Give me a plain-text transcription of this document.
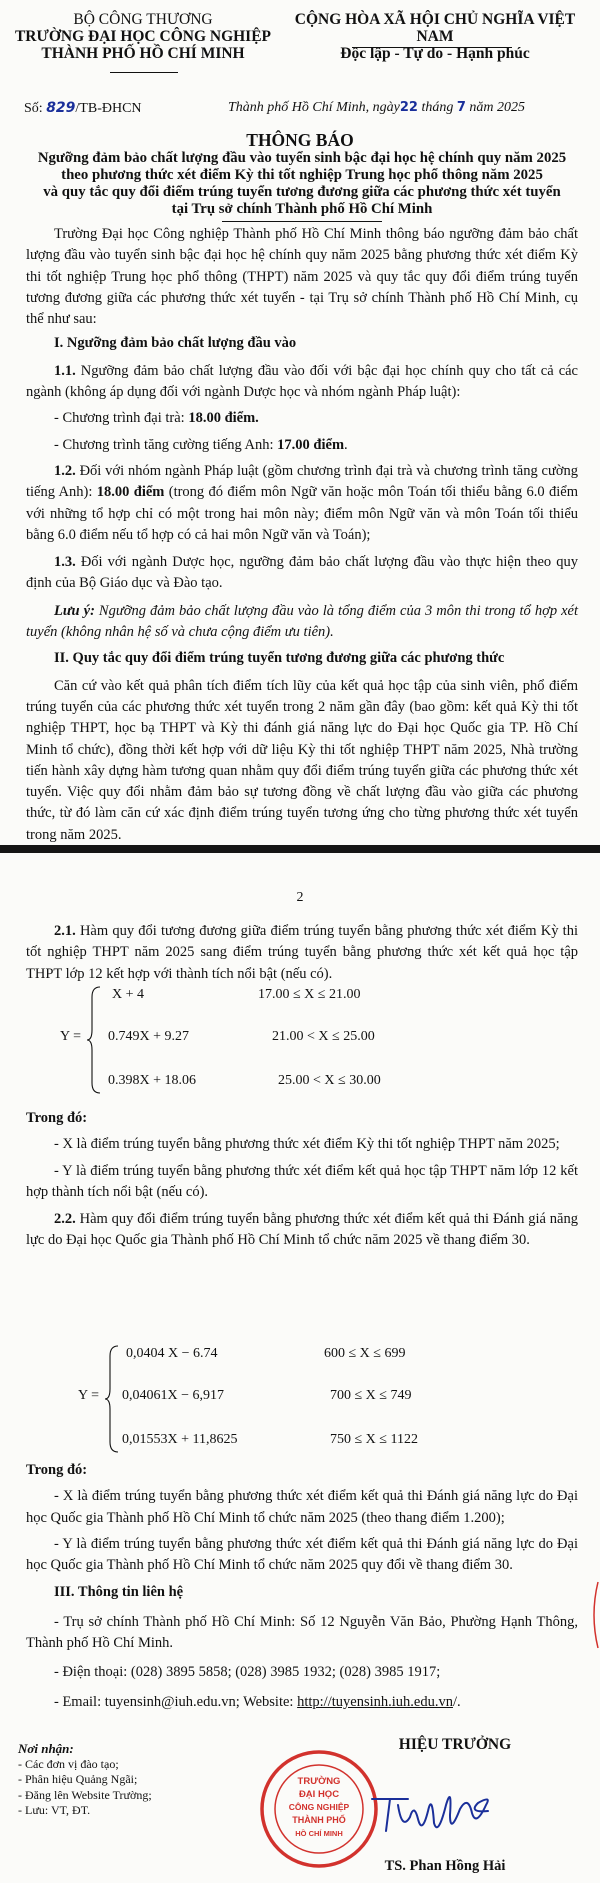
BỘ CÔNG THƯƠNG
TRƯỜNG ĐẠI HỌC CÔNG NGHIỆP
THÀNH PHỐ HỒ CHÍ MINH
CỘNG HÒA XÃ HỘI CHỦ NGHĨA VIỆT NAM
Độc lập - Tự do - Hạnh phúc
Số: 829/TB-ĐHCN	Thành phố Hồ Chí Minh, ngày22 tháng 7 năm 2025
THÔNG BÁO
Ngưỡng đảm bảo chất lượng đầu vào tuyển sinh bậc đại học hệ chính quy năm 2025
theo phương thức xét điểm Kỳ thi tốt nghiệp Trung học phổ thông năm 2025
và quy tắc quy đổi điểm trúng tuyển tương đương giữa các phương thức xét tuyển
tại Trụ sở chính Thành phố Hồ Chí Minh

Trường Đại học Công nghiệp Thành phố Hồ Chí Minh thông báo ngưỡng đảm bảo chất lượng đầu vào tuyển sinh bậc đại học hệ chính quy năm 2025 bằng phương thức xét điểm Kỳ thi tốt nghiệp Trung học phổ thông (THPT) năm 2025 và quy tắc quy đổi điểm trúng tuyển tương đương giữa các phương thức xét tuyển - tại Trụ sở chính Thành phố Hồ Chí Minh, cụ thể như sau:

I. Ngưỡng đảm bảo chất lượng đầu vào

1.1. Ngưỡng đảm bảo chất lượng đầu vào đối với bậc đại học chính quy cho tất cả các ngành (không áp dụng đối với ngành Dược học và nhóm ngành Pháp luật):

- Chương trình đại trà: 18.00 điểm.

- Chương trình tăng cường tiếng Anh: 17.00 điểm.

1.2. Đối với nhóm ngành Pháp luật (gồm chương trình đại trà và chương trình tăng cường tiếng Anh): 18.00 điểm (trong đó điểm môn Ngữ văn hoặc môn Toán tối thiểu bằng 6.0 điểm với những tổ hợp chỉ có một trong hai môn này; điểm môn Ngữ văn và môn Toán tối thiểu bằng 6.0 điểm nếu tổ hợp có cả hai môn Ngữ văn và Toán);

1.3. Đối với ngành Dược học, ngưỡng đảm bảo chất lượng đầu vào thực hiện theo quy định của Bộ Giáo dục và Đào tạo.

Lưu ý: Ngưỡng đảm bảo chất lượng đầu vào là tổng điểm của 3 môn thi trong tổ hợp xét tuyển (không nhân hệ số và chưa cộng điểm ưu tiên).

II. Quy tắc quy đổi điểm trúng tuyển tương đương giữa các phương thức

Căn cứ vào kết quả phân tích điểm tích lũy của kết quả học tập của sinh viên, phổ điểm trúng tuyển của các phương thức xét tuyển trong 2 năm gần đây (bao gồm: kết quả Kỳ thi tốt nghiệp THPT, học bạ THPT và Kỳ thi đánh giá năng lực do Đại học Quốc gia TP. Hồ Chí Minh tổ chức), đồng thời kết hợp với dữ liệu Kỳ thi tốt nghiệp THPT năm 2025, Nhà trường tiến hành xây dựng hàm tương quan nhằm quy đổi điểm trúng tuyển giữa các phương thức xét tuyển. Việc quy đổi nhằm đảm bảo sự tương đồng về chất lượng đầu vào giữa các phương thức, từ đó làm căn cứ xác định điểm trúng tuyển tương ứng cho từng phương thức xét tuyển trong năm 2025.

2

2.1. Hàm quy đổi tương đương giữa điểm trúng tuyển bằng phương thức xét điểm Kỳ thi tốt nghiệp THPT năm 2025 sang điểm trúng tuyển bằng phương thức xét kết quả học tập THPT lớp 12 kết hợp với thành tích nổi bật (nếu có).

Y =
X + 4	17.00 ≤ X ≤ 21.00
0.749X + 9.27	21.00 < X ≤ 25.00
0.398X + 18.06	25.00 < X ≤ 30.00

Trong đó:

- X là điểm trúng tuyển bằng phương thức xét điểm Kỳ thi tốt nghiệp THPT năm 2025;

- Y là điểm trúng tuyển bằng phương thức xét điểm kết quả học tập THPT năm lớp 12 kết hợp thành tích nổi bật (nếu có).

2.2. Hàm quy đổi điểm trúng tuyển bằng phương thức xét điểm kết quả thi Đánh giá năng lực do Đại học Quốc gia Thành phố Hồ Chí Minh tổ chức năm 2025 về thang điểm 30.

Y =
0,0404 X − 6.74	600 ≤ X ≤ 699
0,04061X − 6,917	700 ≤ X ≤ 749
0,01553X + 11,8625	750 ≤ X ≤ 1122

Trong đó:

- X là điểm trúng tuyển bằng phương thức xét điểm kết quả thi Đánh giá năng lực do Đại học Quốc gia Thành phố Hồ Chí Minh tổ chức năm 2025 (theo thang điểm 1.200);

- Y là điểm trúng tuyển bằng phương thức xét điểm kết quả thi Đánh giá năng lực do Đại học Quốc gia Thành phố Hồ Chí Minh tổ chức năm 2025 quy đổi về thang điểm 30.

III. Thông tin liên hệ

- Trụ sở chính Thành phố Hồ Chí Minh: Số 12 Nguyễn Văn Bảo, Phường Hạnh Thông, Thành phố Hồ Chí Minh.

- Điện thoại: (028) 3895 5858; (028) 3985 1932; (028) 3985 1917;

- Email: tuyensinh@iuh.edu.vn; Website: http://tuyensinh.iuh.edu.vn/.

Nơi nhận:
- Các đơn vị đào tạo;
- Phân hiệu Quảng Ngãi;
- Đăng lên Website Trường;
- Lưu: VT, ĐT.
HIỆU TRƯỞNG
TRƯỜNG
ĐẠI HỌC
CÔNG NGHIỆP
THÀNH PHỐ
HỒ CHÍ MINH
TS. Phan Hồng Hải
